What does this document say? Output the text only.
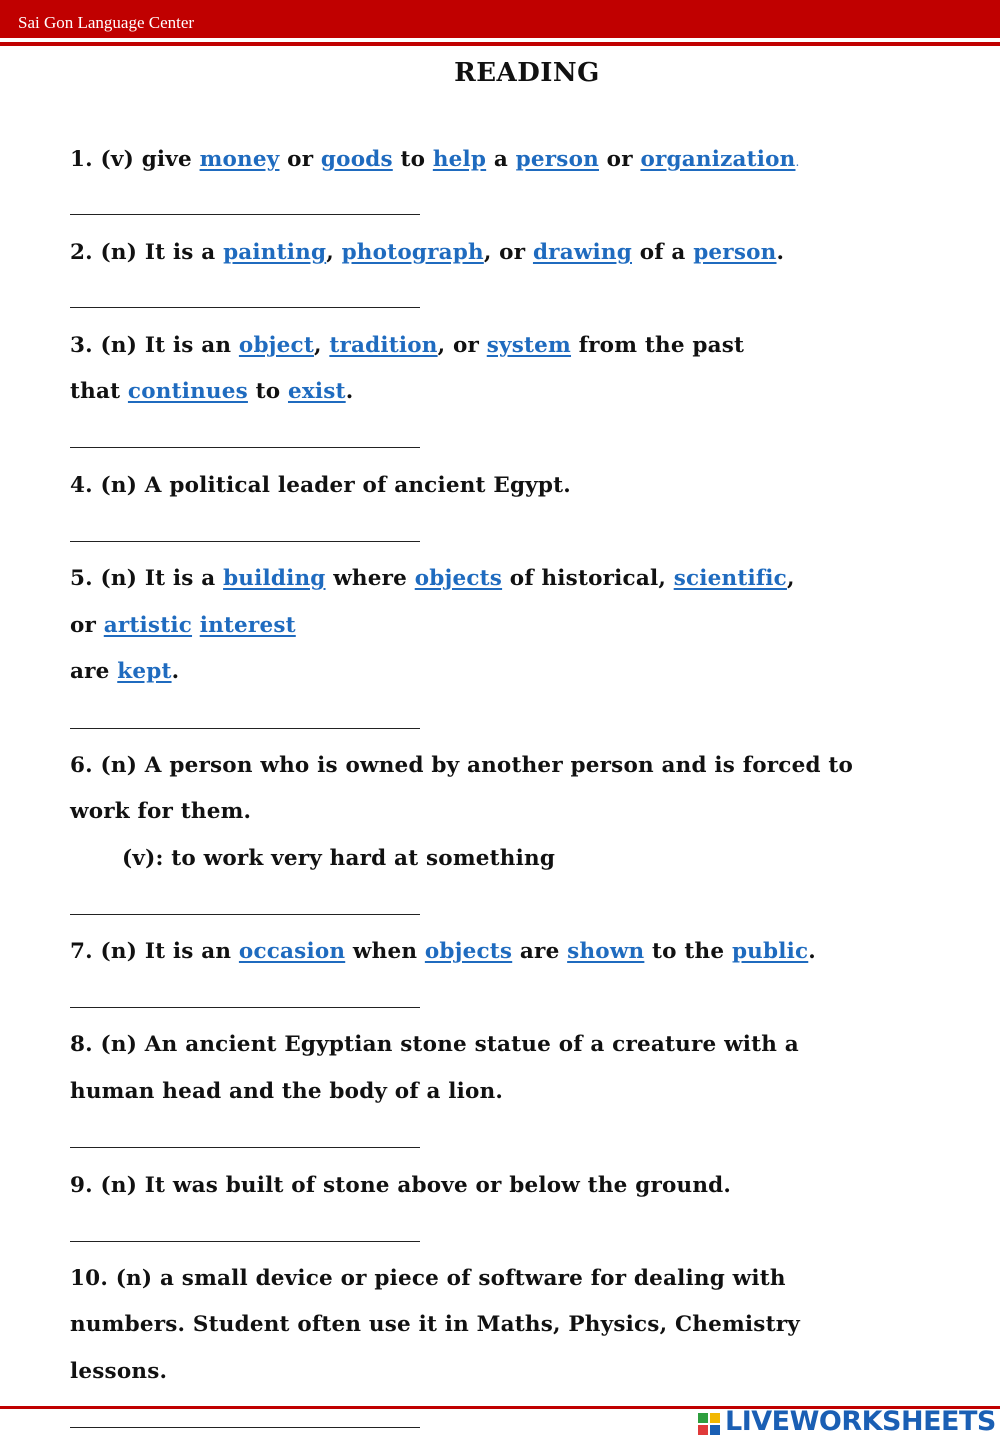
Sai Gon Language Center
READING
1. (v) give money or goods to help a person or organization.
2. (n) It is a painting, photograph, or drawing of a person.
3. (n) It is an object, tradition, or system from the past
that continues to exist.
4. (n) A political leader of ancient Egypt.
5. (n) It is a building where objects of historical, scientific,
or artistic interest
are kept.
6. (n) A person who is owned by another person and is forced to
work for them.
(v): to work very hard at something
7. (n) It is an occasion when objects are shown to the public.
8. (n) An ancient Egyptian stone statue of a creature with a
human head and the body of a lion.
9. (n) It was built of stone above or below the ground.
10. (n) a small device or piece of software for dealing with
numbers. Student often use it in Maths, Physics, Chemistry
lessons.
LIVEWORKSHEETS
